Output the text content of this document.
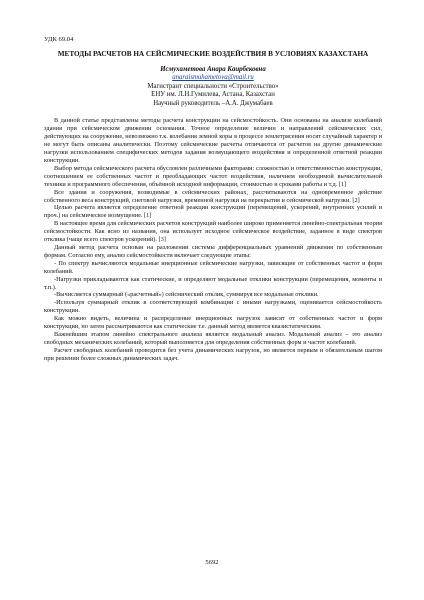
УДК 69.04
МЕТОДЫ РАСЧЕТОВ НА СЕЙСМИЧЕСКИЕ ВОЗДЕЙСТВИЯ В УСЛОВИЯХ КАЗАХСТАНА
Исмухаметова Анара Каирбековна
anaraismuhametova@mail.ru
Магистрант специальности «Строительство»
ЕНУ им. Л.Н.Гумилева, Астана, Казахстан
Научный руководитель –А.А. Джумабаев

В данной статье представлены методы расчета конструкции на сейсмостойкость. Они основаны на анализе колебаний здания при сейсмическом движении основания. Точное определение величин и направлений сейсмических сил, действующих на сооружение, невозможно т.к. колебания земной коры в процессе землетрясения носят случайный характер и не могут быть описаны аналитически. Поэтому сейсмические расчеты отличаются от расчетов на другие динамические нагрузки использованием специфических методов задания возмущающего воздействия и определенной ответной реакции конструкции.

Выбор метода сейсмического расчета обусловлен различными факторами: сложностью и ответственностью конструкции, соотношением ее собственных частот и преобладающих частот воздействия, наличием необходимой вычислительной техники и программного обеспечения, объёмной исходной информации, стоимостью и сроками работы и т.д. [1]

Все здания и сооружения, возводимые в сейсмических районах, рассчитываются на одновременное действие собственного веса конструкций, снеговой нагрузки, временной нагрузки на перекрытия и сейсмической нагрузки. [2]

Целью расчета является определение ответной реакции конструкции (перемещений, ускорений, внутренних усилий и проч.) на сейсмическое возмущение. [1]

В настоящее время для сейсмических расчетов конструкций наиболее широко применяется линейно-спектральная теория сейсмостойкости. Как ясно из названия, она использует исходное сейсмическое воздействие, заданное в виде спектров отклика (чаще всего спектров ускорений). [3]

Данный метод расчета основан на разложении системы дифференциальных уравнений движения по собственным формам. Согласно ему, анализ сейсмостойкости включает следующие этапы:

- По спектру вычисляются модальные инерционные сейсмические нагрузки, зависящие от собственных частот и форм колебаний.
-Нагрузки прикладываются как статические, и определяют модальные отклики конструкции (перемещения, моменты и т.п.).
-Вычисляется суммарный («расчетный») сейсмический отклик, суммируя все модальные отклики.
-Используя суммарный отклик в соответствующей комбинации с иными нагрузками, оценивается сейсмостойкость конструкции.

Как можно видеть, величина и распределение инерционных нагрузок зависят от собственных частот и форм конструкции, но затем рассматриваются как статические т.е. данный метод является квазистатическим.

Важнейшим этапом линейно спектрального анализа является модальный анализ. Модальный анализ – это анализ свободных механических колебаний, который выполняется для определения собственных форм и частот колебаний.

Расчет свободных колебаний проводится без учета динамических нагрузок, но является первым и обязательным шагом при решении более сложных динамических задач.

5692
